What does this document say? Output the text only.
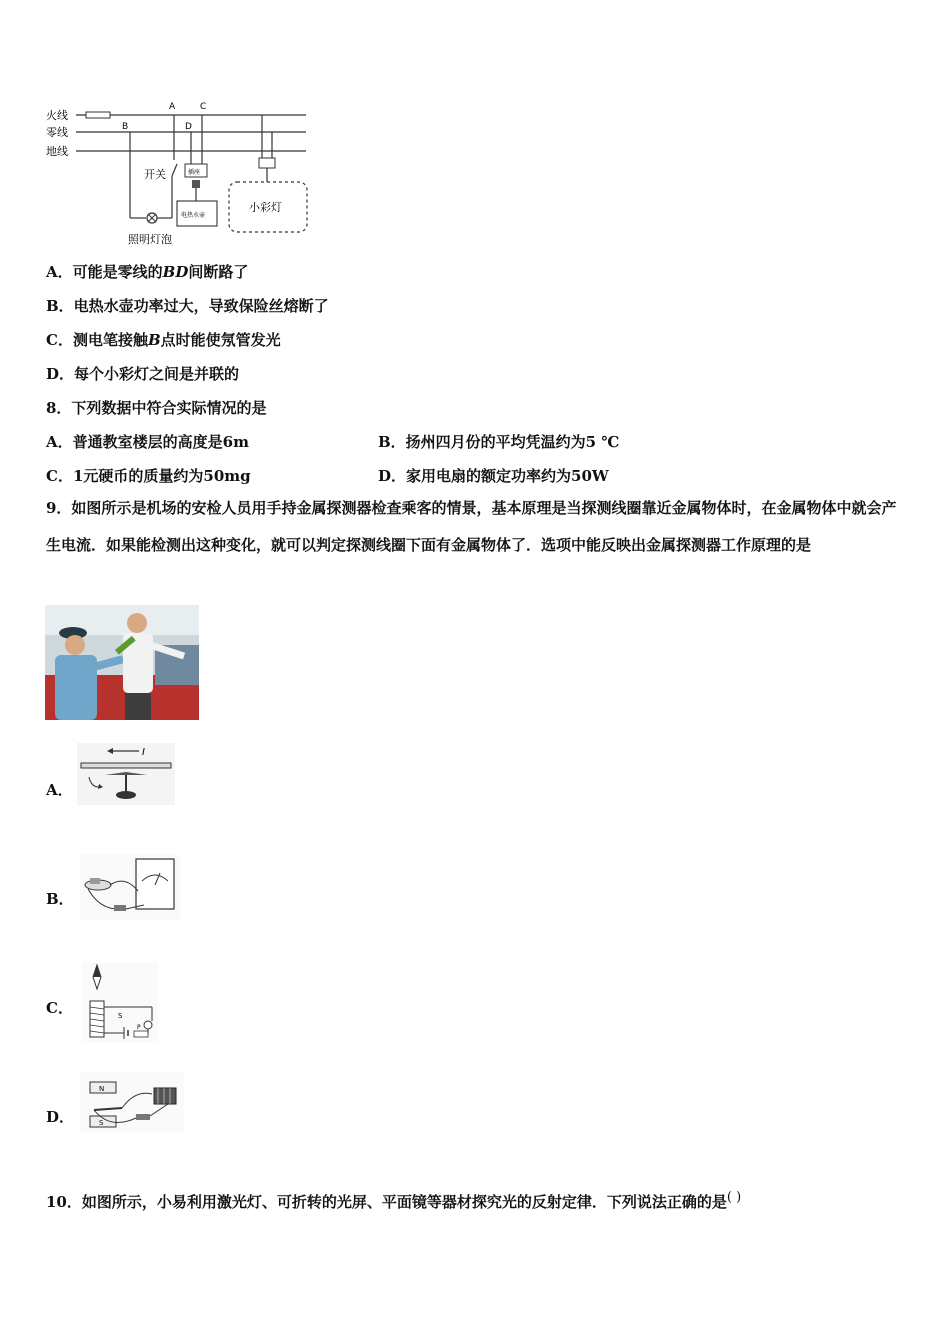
火线
零线
地线
A	C
B	D
开关
照明灯泡
插座
电热水壶
小彩灯
A．可能是零线的BD间断路了
B．电热水壶功率过大，导致保险丝熔断了
C．测电笔接触B点时能使氖管发光
D．每个小彩灯之间是并联的
8．下列数据中符合实际情况的是
A．普通教室楼层的高度是6m	B．扬州四月份的平均凭温约为5 ℃
C．1元硬币的质量约为50mg	D．家用电扇的额定功率约为50W
9．如图所示是机场的安检人员用手持金属探测器检查乘客的情景，基本原理是当探测线圈靠近金属物体时，在金属物体中就会产生电流．如果能检测出这种变化，就可以判定探测线圈下面有金属物体了．选项中能反映出金属探测器工作原理的是
A．
I
B．
C．	S
P
D．
N
S
10．如图所示，小易利用激光灯、可折转的光屏、平面镜等器材探究光的反射定律．下列说法正确的是( )
